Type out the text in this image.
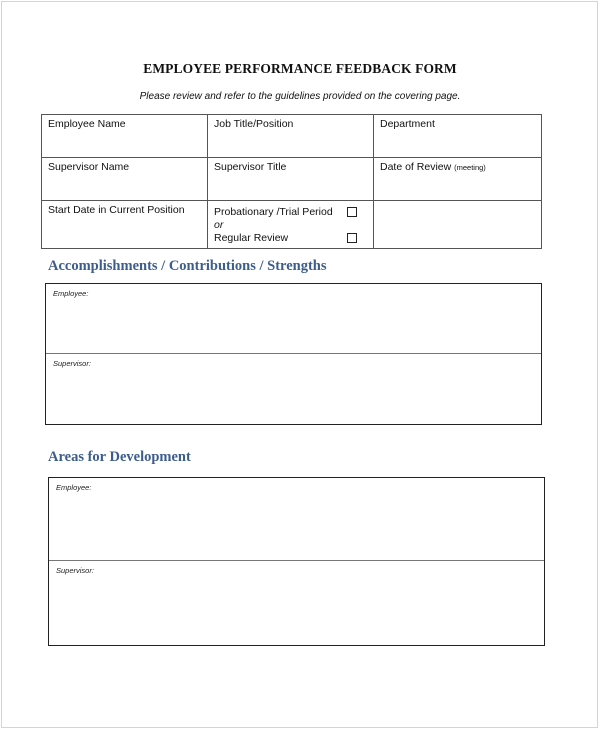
EMPLOYEE PERFORMANCE FEEDBACK FORM
Please review and refer to the guidelines provided on the covering page.
Employee Name	Job Title/Position	Department
Supervisor Name	Supervisor Title	Date of Review (meeting)
Start Date in Current Position	Probationary /Trial Period
or
Regular Review	

Accomplishments / Contributions / Strengths
Employee:
Supervisor:
Areas for Development
Employee:
Supervisor:
